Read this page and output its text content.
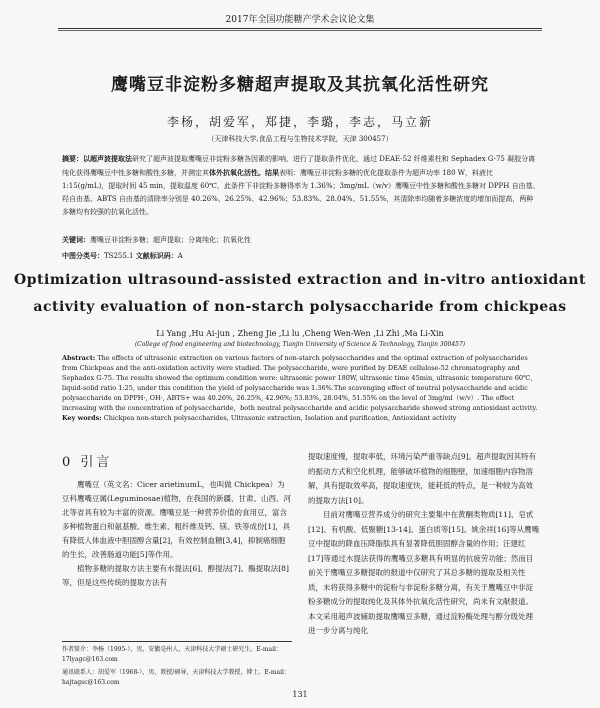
2017年全国功能糖产学术会议论文集
鹰嘴豆非淀粉多糖超声提取及其抗氧化活性研究
李杨，胡爱军，郑捷，李璐，李志，马立新
（天津科技大学,食品工程与生物技术学院，天津 300457）
摘要：以超声波提取法研究了超声波提取鹰嘴豆非淀粉多糖各因素的影响，进行了提取条件优化，通过 DEAE-52 纤维素柱和 Sephadex G-75 凝胶分离纯化获得鹰嘴豆中性多糖和酸性多糖，并测定其体外抗氧化活性。结果表明：鹰嘴豆非淀粉多糖的优化提取条件为超声功率 180 W，料液比 1:15(g/mL)，提取时间 45 min，提取温度 60℃，此条件下非淀粉多糖得率为 1.36%；3mg/mL（w/v）鹰嘴豆中性多糖和酸性多糖对 DPPH 自由基、羟自由基、ABTS 自由基的清除率分别是 40.26%、26.25%、42.96%；53.83%、28.04%、51.55%，其清除率均随着多糖浓度的增加而提高，两种多糖均有较强的抗氧化活性。
关键词：鹰嘴豆非淀粉多糖；超声提取；分离纯化；抗氧化性
中图分类号：TS255.1 文献标识码：A
Optimization ultrasound-assisted extraction and in-vitro antioxidant
activity evaluation of non-starch polysaccharide from chickpeas
Li Yang ,Hu Ai-jun , Zheng Jie ,Li lu ,Cheng Wen-Wen ,Li Zhi ,Ma Li-Xin
(College of food engineering and biotechnology, Tianjin University of Science & Technology, Tianjin 300457)
Abstract: The effects of ultrasonic extraction on various factors of non-starch polysaccharides and the optimal extraction of polysaccharides from Chickpeas and the anti-oxidation activity were studied. The polysaccharide, were purified by DEAE cellulose-52 chromatography and Sephadex G-75. The results showed the optimum condition were: ultrasonic power 180W, ultrasonic time 45min, ultrasonic temperature 60℃, liquid-solid ratio 1:25, under this condition the yield of polysaccharide was 1.36%.The scavenging effect of neutral polysaccharide and acidic polysaccharide on DPPH·, OH·, ABTS+ was 40.26%, 26.25%, 42.96%; 53.83%, 28.04%, 51.55% on the level of 3mg/ml（w/v）. The effect increasing with the concentration of polysaccharide，both neutral polysaccharide and acidic polysaccharide showed strong antioxidant activity.
Key words: Chickpea non-starch polysaccharides, Ultrasonic extraction, Isolation and purification, Antioxidant activity
0 引言

鹰嘴豆（英文名：Cicer arietinumL，也叫做 Chickpea）为豆科鹰嘴豆属(Leguminosae)植物，在我国的新疆、甘肃、山西、河北等省具有较为丰富的资源。鹰嘴豆是一种营养价值的食用豆，富含多种植物蛋白和氨基酸、维生素、粗纤维及钙、镁、铁等成份[1]，具有降低人体血液中胆固醇含量[2]，有效控制血糖[3,4]，抑制癌细胞的生长，改善肠道功能[5]等作用。

植物多糖的提取方法主要有水提法[6]、醇提法[7]、酶提取法[8]等，但是这些传统的提取方法有

作者简介：李杨（1995-），男，安徽亳州人，天津科技大学硕士研究生。E-mail：17lyagc@163.com
通讯联系人：胡爱军（1968-），男，教授/硕导，天津科技大学教授，博士。E-mail：hajtagsc@163.com

提取速度慢，提取率低，环境污染严重等缺点[9]。超声提取因其特有的振动方式和空化机理，能够破坏植物的细胞壁，加速细胞内容物溶解，具有提取效率高，提取速度快，能耗低的特点，是一种较为高效的提取方法[10]。

目前对鹰嘴豆营养成分的研究主要集中在黄酮类物质[11]、皂甙[12]、有机酸、低聚糖[13-14]、蛋白质等[15]。姚余祥[16]等从鹰嘴豆中提取的降血压降脂肽具有显著降低胆固醇含量的作用；汪建红[17]等通过水提法获得的鹰嘴豆多糖具有明显的抗疲劳功能；然而目前关于鹰嘴豆多糖提取的报道中仅研究了其总多糖的提取及相关性质，未将获得多糖中的淀粉与非淀粉多糖分离，有关于鹰嘴豆中非淀粉多糖成分的提取纯化及其体外抗氧化活性研究，尚未有文献报道。本文采用超声波辅助提取鹰嘴豆多糖，通过淀粉酶处理与醇分级处理进一步分离与纯化

131
